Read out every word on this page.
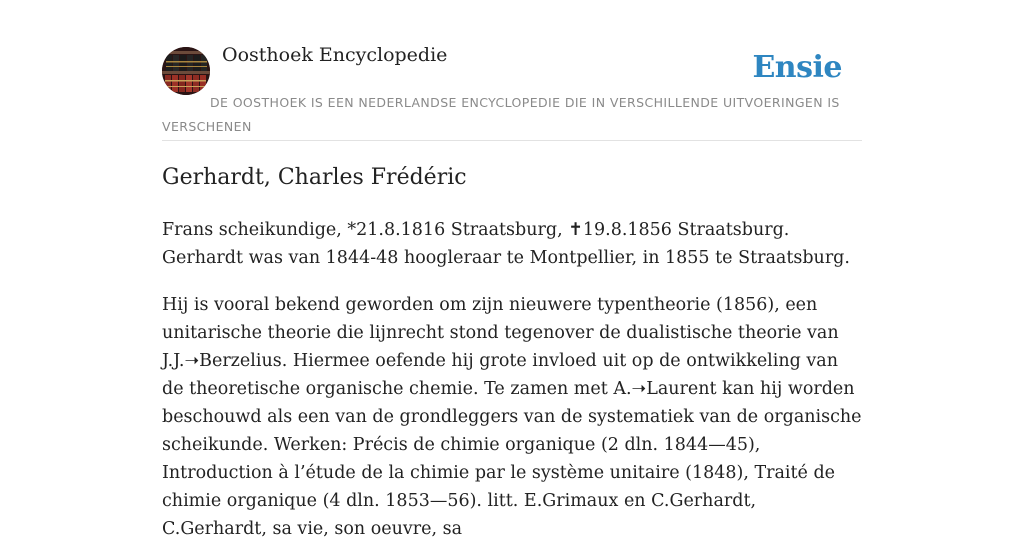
Oosthoek Encyclopedie	Ensie
DE OOSTHOEK IS EEN NEDERLANDSE ENCYCLOPEDIE DIE IN VERSCHILLENDE UITVOERINGEN IS VERSCHENEN
Gerhardt, Charles Frédéric

Frans scheikundige, *21.8.1816 Straatsburg, ✝19.8.1856 Straatsburg. Gerhardt was van 1844-48 hoogleraar te Montpellier, in 1855 te Straatsburg.

Hij is vooral bekend geworden om zijn nieuwere typentheorie (1856), een unitarische theorie die lijnrecht stond tegenover de dualistische theorie van J.J.➝Berzelius. Hiermee oefende hij grote invloed uit op de ontwikkeling van de theoretische organische chemie. Te zamen met A.➝Laurent kan hij worden beschouwd als een van de grondleggers van de systematiek van de organische scheikunde. Werken: Précis de chimie organique (2 dln. 1844—45), Introduction à l’étude de la chimie par le système unitaire (1848), Traité de chimie organique (4 dln. 1853—56). litt. E.Grimaux en C.Gerhardt, C.Gerhardt, sa vie, son oeuvre, sa
